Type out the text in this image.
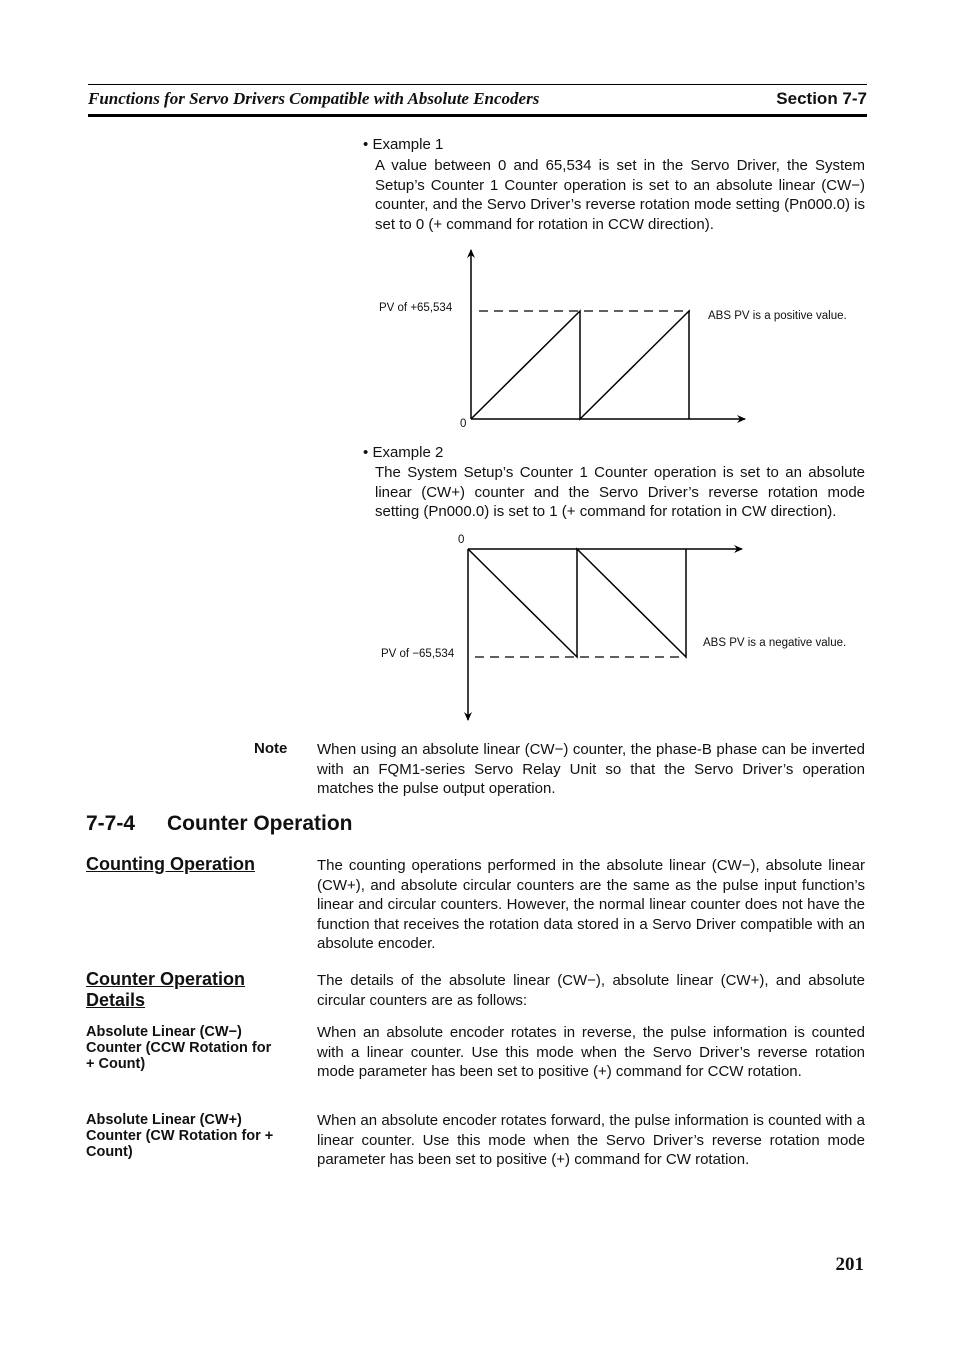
Functions for Servo Drivers Compatible with Absolute Encoders	Section 7-7
• Example 1
A value between 0 and 65,534 is set in the Servo Driver, the System Setup’s Counter 1 Counter operation is set to an absolute linear (CW−) counter, and the Servo Driver’s reverse rotation mode setting (Pn000.0) is set to 0 (+ command for rotation in CCW direction).
PV of +65,534
0
ABS PV is a positive value.
• Example 2
The System Setup’s Counter 1 Counter operation is set to an absolute linear (CW+) counter and the Servo Driver’s reverse rotation mode setting (Pn000.0) is set to 1 (+ command for rotation in CW direction).
0
PV of −65,534
ABS PV is a negative value.
Note When using an absolute linear (CW−) counter, the phase-B phase can be inverted with an FQM1-series Servo Relay Unit so that the Servo Driver’s operation matches the pulse output operation.
7-7-4 Counter Operation
Counting Operation	The counting operations performed in the absolute linear (CW−), absolute linear (CW+), and absolute circular counters are the same as the pulse input function’s linear and circular counters. However, the normal linear counter does not have the function that receives the rotation data stored in a Servo Driver compatible with an absolute encoder.
Counter Operation Details
The details of the absolute linear (CW−), absolute linear (CW+), and absolute circular counters are as follows:
Absolute Linear (CW−) Counter (CCW Rotation for + Count)
When an absolute encoder rotates in reverse, the pulse information is counted with a linear counter. Use this mode when the Servo Driver’s reverse rotation mode parameter has been set to positive (+) command for CCW rotation.
Absolute Linear (CW+) Counter (CW Rotation for + Count)
When an absolute encoder rotates forward, the pulse information is counted with a linear counter. Use this mode when the Servo Driver’s reverse rotation mode parameter has been set to positive (+) command for CW rotation.
201
